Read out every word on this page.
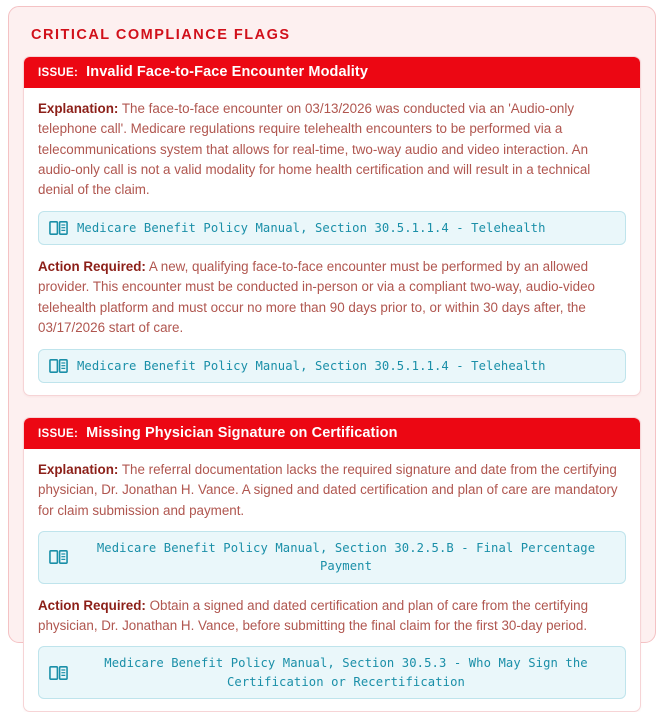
CRITICAL COMPLIANCE FLAGS
ISSUE: Invalid Face-to-Face Encounter Modality

Explanation: The face-to-face encounter on 03/13/2026 was conducted via an 'Audio-only telephone call'. Medicare regulations require telehealth encounters to be performed via a telecommunications system that allows for real-time, two-way audio and video interaction. An audio-only call is not a valid modality for home health certification and will result in a technical denial of the claim.

Medicare Benefit Policy Manual, Section 30.5.1.1.4 - Telehealth

Action Required: A new, qualifying face-to-face encounter must be performed by an allowed provider. This encounter must be conducted in-person or via a compliant two-way, audio-video telehealth platform and must occur no more than 90 days prior to, or within 30 days after, the 03/17/2026 start of care.

Medicare Benefit Policy Manual, Section 30.5.1.1.4 - Telehealth
ISSUE: Missing Physician Signature on Certification

Explanation: The referral documentation lacks the required signature and date from the certifying physician, Dr. Jonathan H. Vance. A signed and dated certification and plan of care are mandatory for claim submission and payment.

Medicare Benefit Policy Manual, Section 30.2.5.B - Final Percentage Payment

Action Required: Obtain a signed and dated certification and plan of care from the certifying physician, Dr. Jonathan H. Vance, before submitting the final claim for the first 30-day period.

Medicare Benefit Policy Manual, Section 30.5.3 - Who May Sign the Certification or Recertification
